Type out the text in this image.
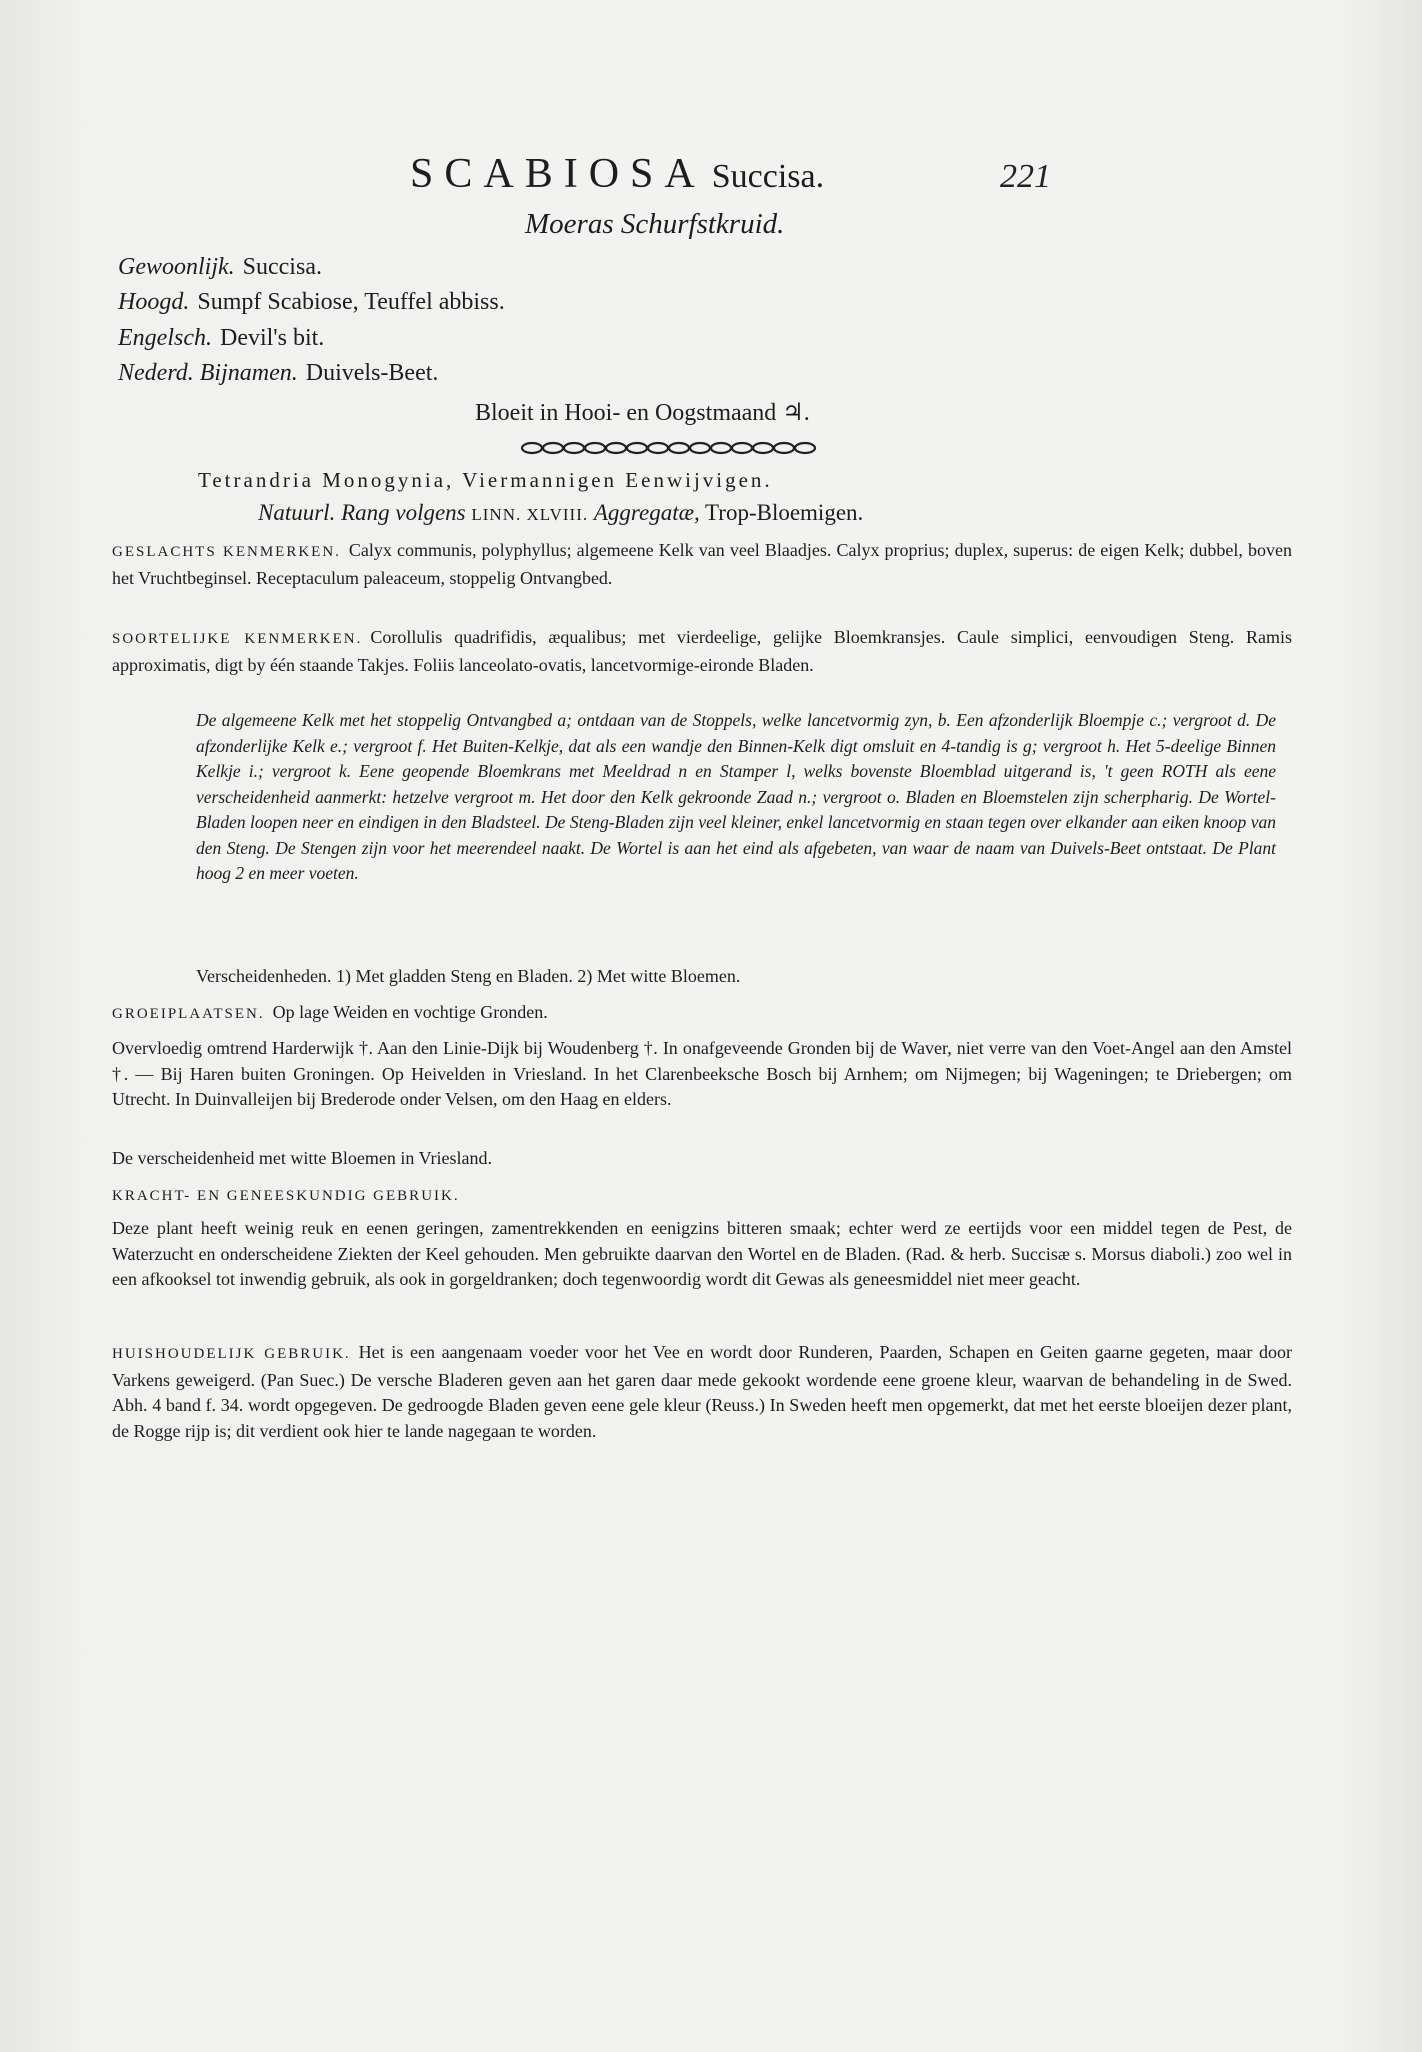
SCABIOSA Succisa.	221
Moeras Schurfstkruid.
Gewoonlijk. Succisa.
Hoogd. Sumpf Scabiose, Teuffel abbiss.
Engelsch. Devil's bit.
Nederd. Bijnamen. Duivels-Beet.
Bloeit in Hooi- en Oogstmaand ♃.
Tetrandria Monogynia, Viermannigen Eenwijvigen.
Natuurl. Rang volgens LINN. XLVIII. Aggregatæ, Trop-Bloemigen.
GESLACHTS KENMERKEN. Calyx communis, polyphyllus; algemeene Kelk van veel Blaadjes. Calyx proprius; duplex, superus: de eigen Kelk; dubbel, boven het Vruchtbeginsel. Receptaculum paleaceum, stoppelig Ontvangbed.
SOORTELIJKE KENMERKEN. Corollulis quadrifidis, æqualibus; met vierdeelige, gelijke Bloemkransjes. Caule simplici, eenvoudigen Steng. Ramis approximatis, digt by één staande Takjes. Foliis lanceolato-ovatis, lancetvormige-eironde Bladen.
De algemeene Kelk met het stoppelig Ontvangbed a; ontdaan van de Stoppels, welke lancetvormig zyn, b. Een afzonderlijk Bloempje c.; vergroot d. De afzonderlijke Kelk e.; vergroot f. Het Buiten-Kelkje, dat als een wandje den Binnen-Kelk digt omsluit en 4-tandig is g; vergroot h. Het 5-deelige Binnen Kelkje i.; vergroot k. Eene geopende Bloemkrans met Meeldrad n en Stamper l, welks bovenste Bloemblad uitgerand is, 't geen ROTH als eene verscheidenheid aanmerkt: hetzelve vergroot m. Het door den Kelk gekroonde Zaad n.; vergroot o. Bladen en Bloemstelen zijn scherpharig. De Wortel-Bladen loopen neer en eindigen in den Bladsteel. De Steng-Bladen zijn veel kleiner, enkel lancetvormig en staan tegen over elkander aan eiken knoop van den Steng. De Stengen zijn voor het meerendeel naakt. De Wortel is aan het eind als afgebeten, van waar de naam van Duivels-Beet ontstaat. De Plant hoog 2 en meer voeten.
Verscheidenheden. 1) Met gladden Steng en Bladen. 2) Met witte Bloemen.
GROEIPLAATSEN. Op lage Weiden en vochtige Gronden.
Overvloedig omtrend Harderwijk †. Aan den Linie-Dijk bij Woudenberg †. In onafgeveende Gronden bij de Waver, niet verre van den Voet-Angel aan den Amstel †. — Bij Haren buiten Groningen. Op Heivelden in Vriesland. In het Clarenbeeksche Bosch bij Arnhem; om Nijmegen; bij Wageningen; te Driebergen; om Utrecht. In Duinvalleijen bij Brederode onder Velsen, om den Haag en elders.
De verscheidenheid met witte Bloemen in Vriesland.
KRACHT- EN GENEESKUNDIG GEBRUIK.
Deze plant heeft weinig reuk en eenen geringen, zamentrekkenden en eenigzins bitteren smaak; echter werd ze eertijds voor een middel tegen de Pest, de Waterzucht en onderscheidene Ziekten der Keel gehouden. Men gebruikte daarvan den Wortel en de Bladen. (Rad. & herb. Succisæ s. Morsus diaboli.) zoo wel in een afkooksel tot inwendig gebruik, als ook in gorgeldranken; doch tegenwoordig wordt dit Gewas als geneesmiddel niet meer geacht.
HUISHOUDELIJK GEBRUIK. Het is een aangenaam voeder voor het Vee en wordt door Runderen, Paarden, Schapen en Geiten gaarne gegeten, maar door Varkens geweigerd. (Pan Suec.) De versche Bladeren geven aan het garen daar mede gekookt wordende eene groene kleur, waarvan de behandeling in de Swed. Abh. 4 band f. 34. wordt opgegeven. De gedroogde Bladen geven eene gele kleur (Reuss.) In Sweden heeft men opgemerkt, dat met het eerste bloeijen dezer plant, de Rogge rijp is; dit verdient ook hier te lande nagegaan te worden.
